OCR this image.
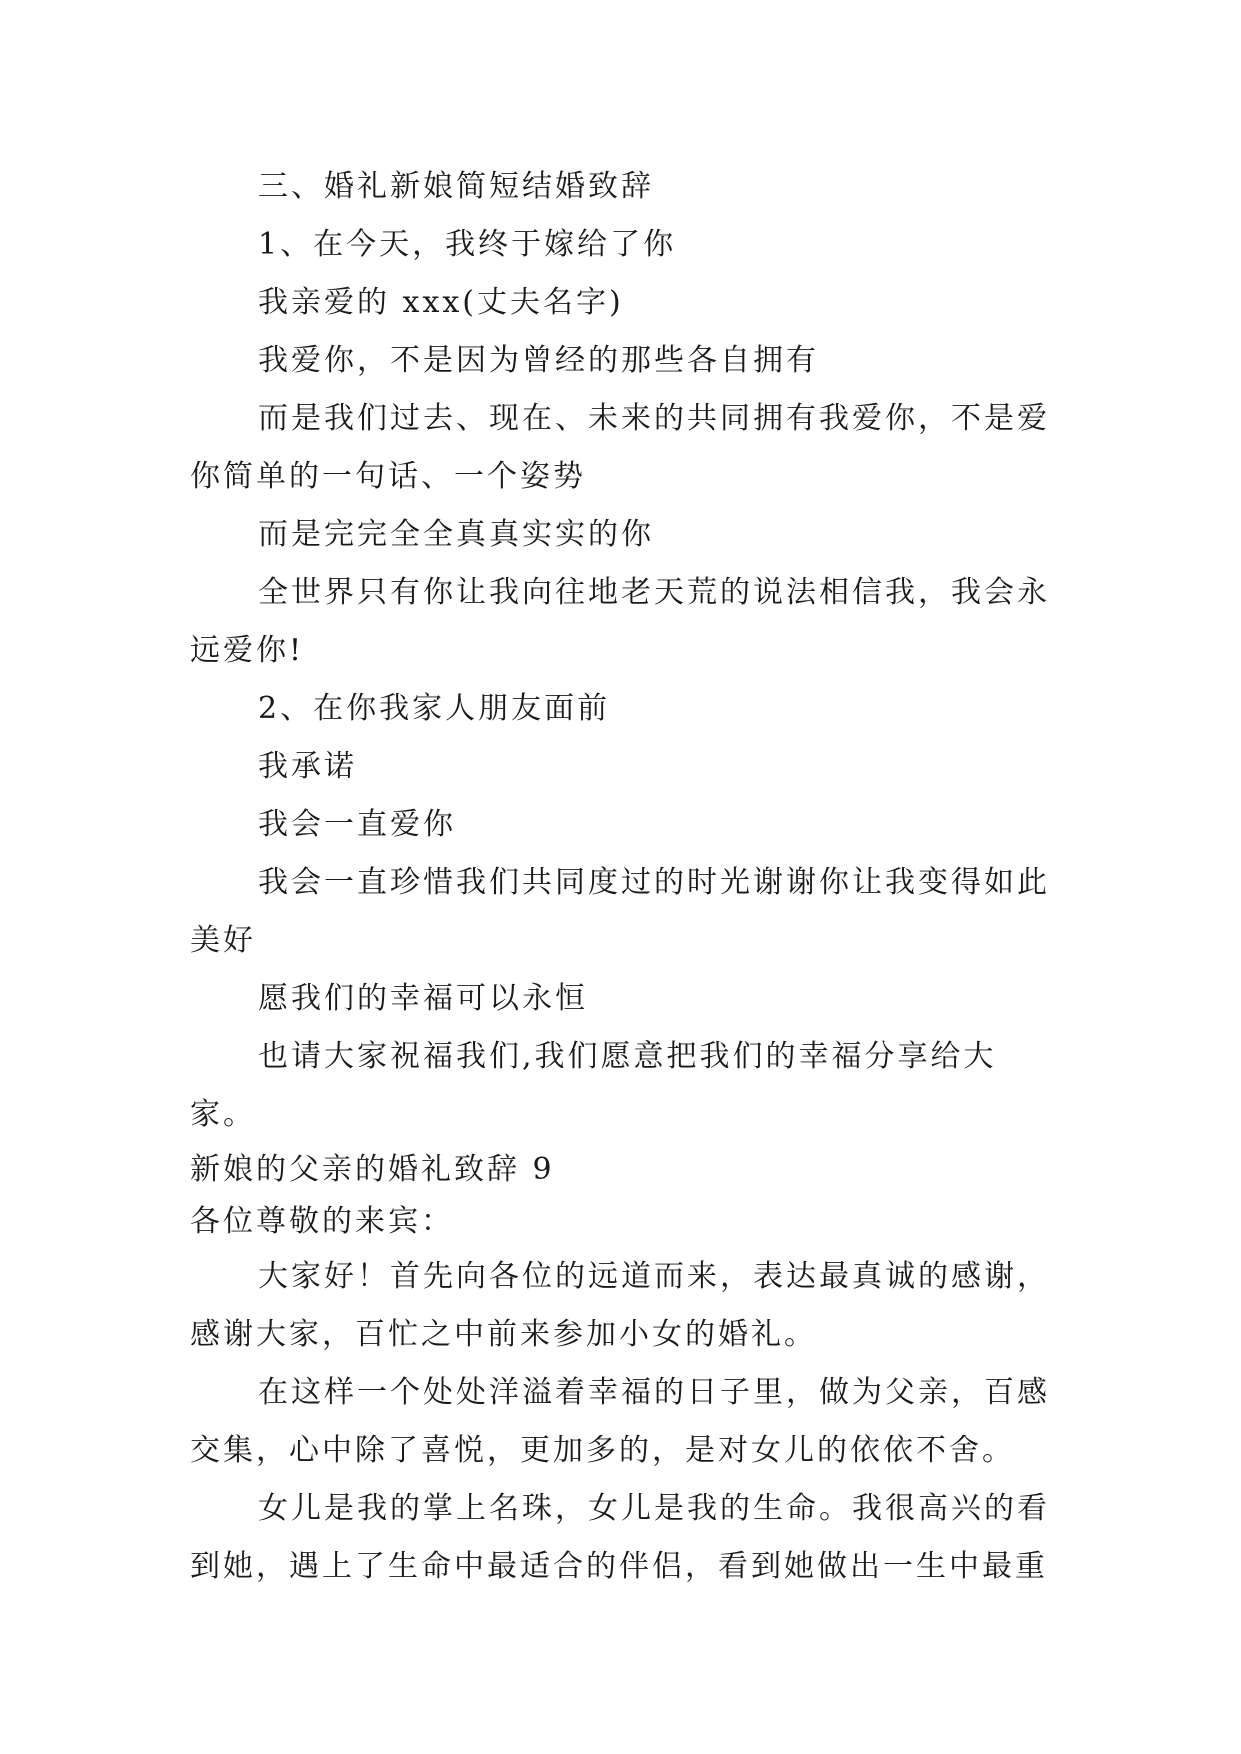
三、婚礼新娘简短结婚致辞

1、在今天，我终于嫁给了你

我亲爱的 xxx(丈夫名字)

我爱你，不是因为曾经的那些各自拥有

而是我们过去、现在、未来的共同拥有我爱你，不是爱你简单的一句话、一个姿势

而是完完全全真真实实的你

全世界只有你让我向往地老天荒的说法相信我，我会永远爱你!

2、在你我家人朋友面前

我承诺

我会一直爱你

我会一直珍惜我们共同度过的时光谢谢你让我变得如此美好

愿我们的幸福可以永恒

也请大家祝福我们,我们愿意把我们的幸福分享给大家。

新娘的父亲的婚礼致辞 9

各位尊敬的来宾：

大家好！首先向各位的远道而来，表达最真诚的感谢，感谢大家，百忙之中前来参加小女的婚礼。

在这样一个处处洋溢着幸福的日子里，做为父亲，百感交集，心中除了喜悦，更加多的，是对女儿的依依不舍。

女儿是我的掌上名珠，女儿是我的生命。我很高兴的看到她，遇上了生命中最适合的伴侣，看到她做出一生中最重
